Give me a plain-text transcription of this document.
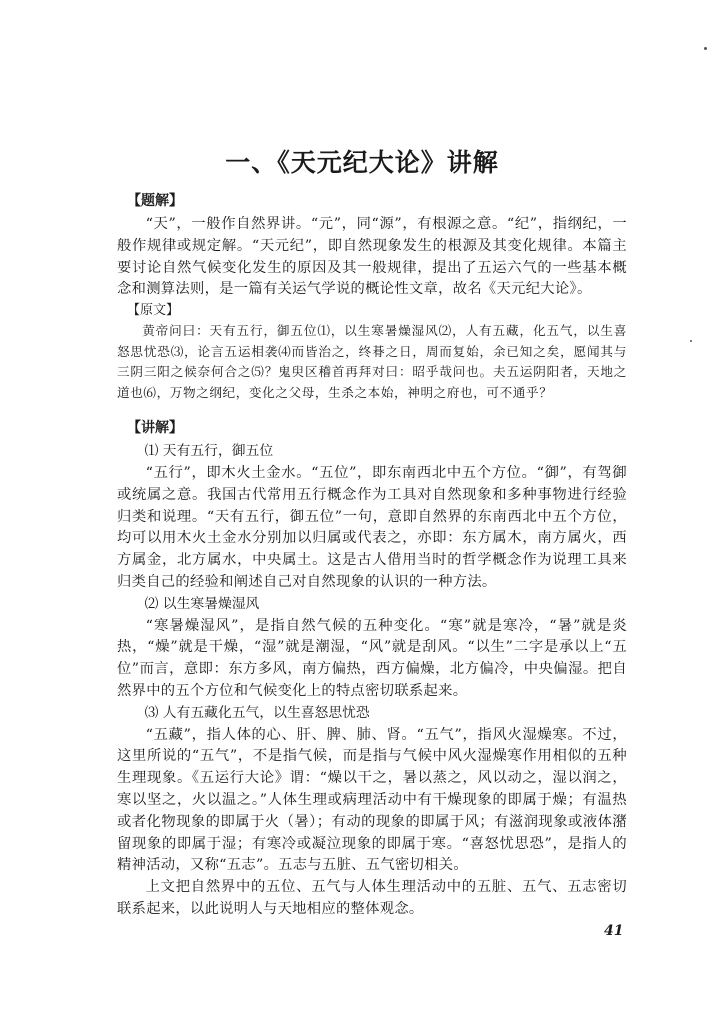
一、《天元纪大论》讲解
【题解】

“天”，一般作自然界讲。“元”，同“源”，有根源之意。“纪”，指纲纪，一般作规律或规定解。“天元纪”，即自然现象发生的根源及其变化规律。本篇主要讨论自然气候变化发生的原因及其一般规律，提出了五运六气的一些基本概念和测算法则，是一篇有关运气学说的概论性文章，故名《天元纪大论》。

【原文】

黄帝问曰：天有五行，御五位⑴，以生寒暑燥湿风⑵，人有五藏，化五气，以生喜怒思忧恐⑶，论言五运相袭⑷而皆治之，终朞之日，周而复始，余已知之矣，愿闻其与三阴三阳之候奈何合之⑸？鬼臾区稽首再拜对曰：昭乎哉问也。夫五运阴阳者，天地之道也⑹，万物之纲纪，变化之父母，生杀之本始，神明之府也，可不通乎？

【讲解】
⑴ 天有五行，御五位

“五行”，即木火土金水。“五位”，即东南西北中五个方位。“御”，有驾御或统属之意。我国古代常用五行概念作为工具对自然现象和多种事物进行经验归类和说理。“天有五行，御五位”一句，意即自然界的东南西北中五个方位，均可以用木火土金水分别加以归属或代表之，亦即：东方属木，南方属火，西方属金，北方属水，中央属土。这是古人借用当时的哲学概念作为说理工具来归类自己的经验和阐述自己对自然现象的认识的一种方法。

⑵ 以生寒暑燥湿风

“寒暑燥湿风”，是指自然气候的五种变化。“寒”就是寒冷，“暑”就是炎热，“燥”就是干燥，“湿”就是潮湿，“风”就是刮风。“以生”二字是承以上“五位”而言，意即：东方多风，南方偏热，西方偏燥，北方偏冷，中央偏湿。把自然界中的五个方位和气候变化上的特点密切联系起来。

⑶ 人有五藏化五气，以生喜怒思忧恐

“五藏”，指人体的心、肝、脾、肺、肾。“五气”，指风火湿燥寒。不过，这里所说的“五气”，不是指气候，而是指与气候中风火湿燥寒作用相似的五种生理现象。《五运行大论》谓：“燥以干之，暑以蒸之，风以动之，湿以润之，寒以坚之，火以温之。”人体生理或病理活动中有干燥现象的即属于燥；有温热或者化物现象的即属于火（暑）；有动的现象的即属于风；有滋润现象或液体潴留现象的即属于湿；有寒冷或凝泣现象的即属于寒。“喜怒忧思恐”，是指人的精神活动，又称“五志”。五志与五脏、五气密切相关。

上文把自然界中的五位、五气与人体生理活动中的五脏、五气、五志密切联系起来，以此说明人与天地相应的整体观念。

41
